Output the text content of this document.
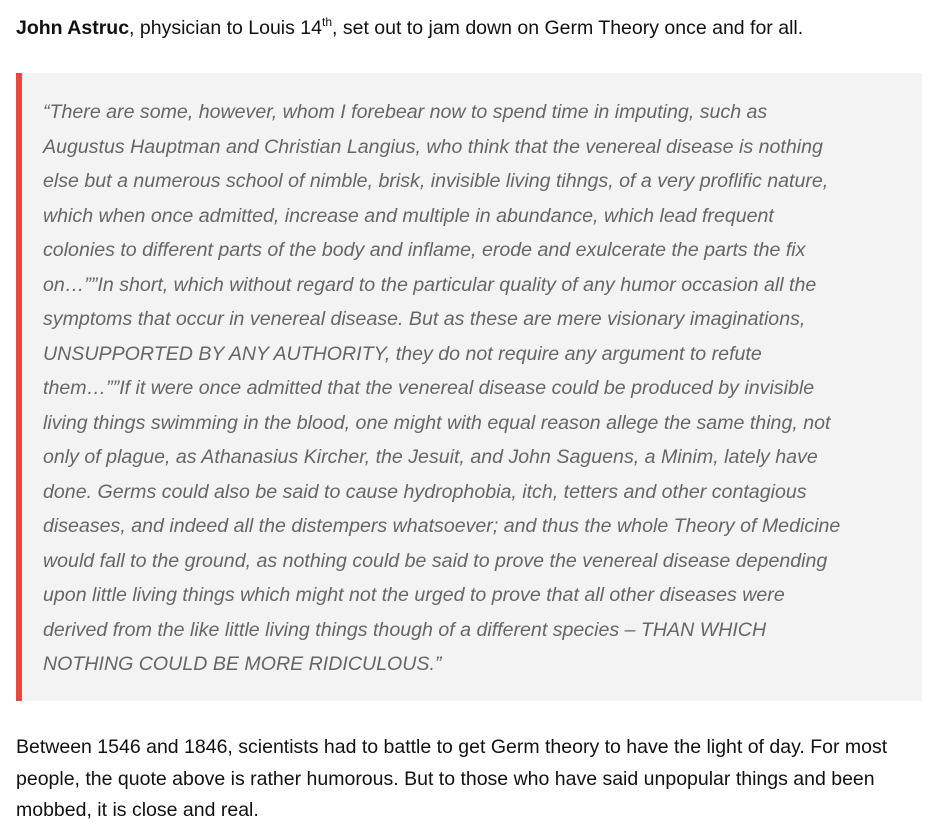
John Astruc, physician to Louis 14th, set out to jam down on Germ Theory once and for all.

“There are some, however, whom I forebear now to spend time in imputing, such as
Augustus Hauptman and Christian Langius, who think that the venereal disease is nothing
else but a numerous school of nimble, brisk, invisible living tihngs, of a very proflific nature,
which when once admitted, increase and multiple in abundance, which lead frequent
colonies to different parts of the body and inflame, erode and exulcerate the parts the fix
on…””In short, which without regard to the particular quality of any humor occasion all the
symptoms that occur in venereal disease. But as these are mere visionary imaginations,
UNSUPPORTED BY ANY AUTHORITY, they do not require any argument to refute
them…””If it were once admitted that the venereal disease could be produced by invisible
living things swimming in the blood, one might with equal reason allege the same thing, not
only of plague, as Athanasius Kircher, the Jesuit, and John Saguens, a Minim, lately have
done. Germs could also be said to cause hydrophobia, itch, tetters and other contagious
diseases, and indeed all the distempers whatsoever; and thus the whole Theory of Medicine
would fall to the ground, as nothing could be said to prove the venereal disease depending
upon little living things which might not the urged to prove that all other diseases were
derived from the like little living things though of a different species – THAN WHICH
NOTHING COULD BE MORE RIDICULOUS.”

Between 1546 and 1846, scientists had to battle to get Germ theory to have the light of day. For most
people, the quote above is rather humorous. But to those who have said unpopular things and been
mobbed, it is close and real.
